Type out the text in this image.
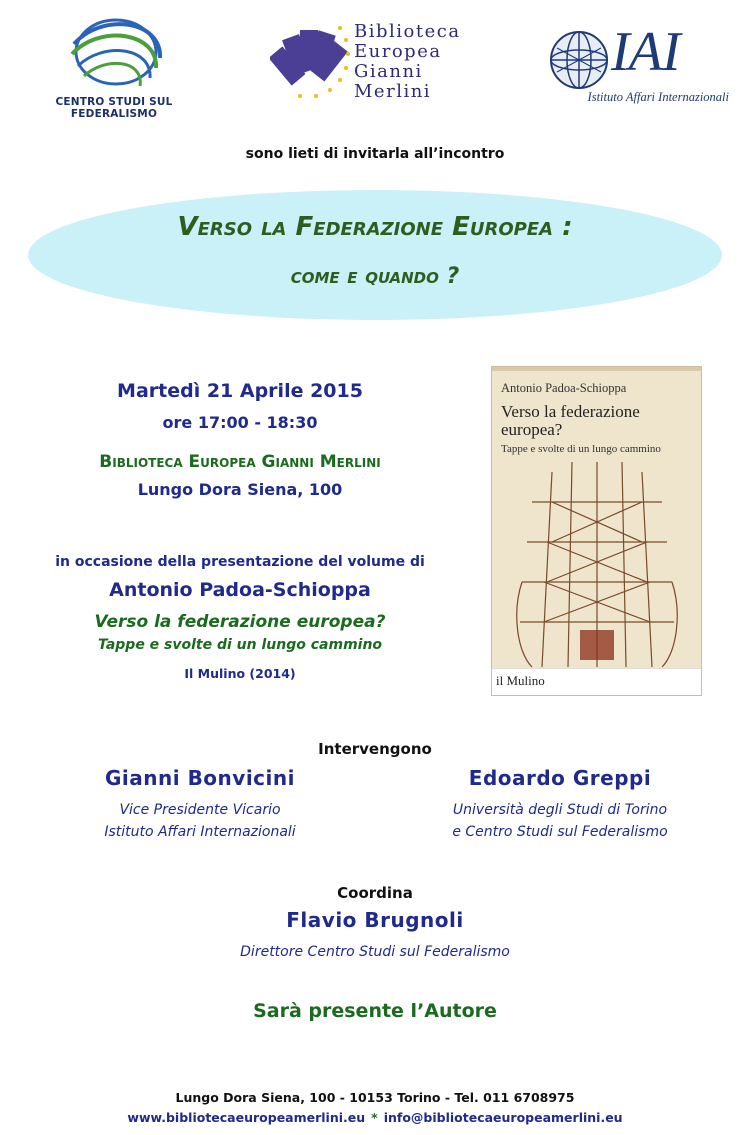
CENTRO STUDI SUL FEDERALISMO
Biblioteca
Europea
Gianni
Merlini
IAI
Istituto Affari Internazionali
sono lieti di invitarla all’incontro
Verso la Federazione Europea :
come e quando ?
Martedì 21 Aprile 2015
ore 17:00 - 18:30
Biblioteca Europea Gianni Merlini
Lungo Dora Siena, 100
in occasione della presentazione del volume di
Antonio Padoa-Schioppa
Verso la federazione europea?
Tappe e svolte di un lungo cammino
Il Mulino (2014)
Antonio Padoa-Schioppa
Verso la federazione
europea?
Tappe e svolte di un lungo cammino
il Mulino
Intervengono
Gianni Bonvicini
Vice Presidente Vicario
Istituto Affari Internazionali
Edoardo Greppi
Università degli Studi di Torino
e Centro Studi sul Federalismo
Coordina
Flavio Brugnoli
Direttore Centro Studi sul Federalismo
Sarà presente l’Autore
Lungo Dora Siena, 100 - 10153 Torino - Tel. 011 6708975
www.bibliotecaeuropeamerlini.eu * info@bibliotecaeuropeamerlini.eu
